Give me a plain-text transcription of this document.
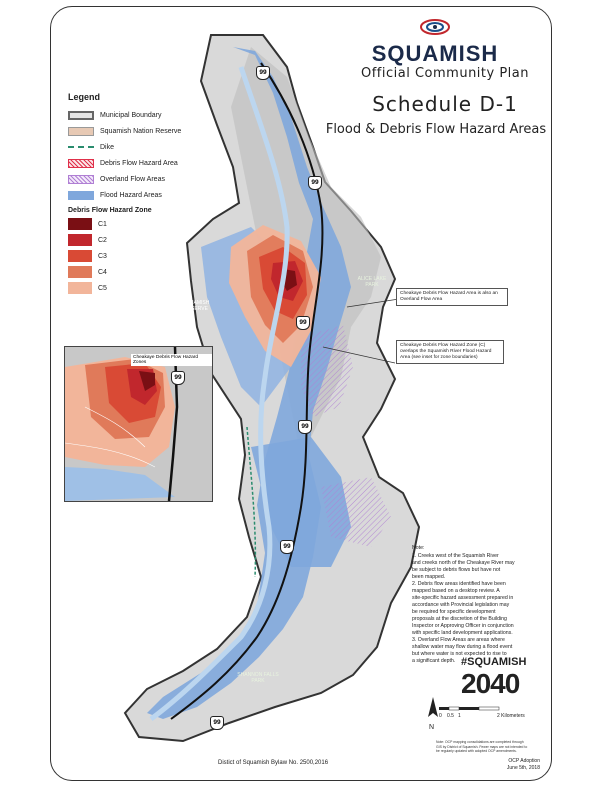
N
SQUAMISH
Official Community Plan
Schedule D-1
Flood & Debris Flow Hazard Areas
Legend
Municipal Boundary
Squamish Nation Reserve
Dike
Debris Flow Hazard Area
Overland Flow Areas
Flood Hazard Areas
Debris Flow Hazard Zone
C1
C2
C3
C4
C5
Cheakaye Debris Flow Hazard Zones
99
99
99
99
99
99
99
SQUAMISH RESERVE
ALICE LAKE PARK
SHANNON FALLS PARK
Cheakaye Debris Flow Hazard Area is also an Overland Flow Area
Cheakaye Debris Flow Hazard Zone (C) overlaps the Squamish River Flood Hazard Area (see inset for zone boundaries)
Note:
1. Creeks west of the Squamish River
and creeks north of the Cheakaye River may
be subject to debris flows but have not
been mapped.
2. Debris flow areas identified have been
mapped based on a desktop review. A
site-specific hazard assessment prepared in
accordance with Provincial legislation may
be required for specific development
proposals at the discretion of the Building
Inspector or Approving Officer in conjunction
with specific land development applications.
3. Overland Flow Areas are areas where
shallow water may flow during a flood event
but where water is not expected to rise to
a significant depth. #SQUAMISH
2040
0 0.5 1	2 Kilometers
Note: OCP mapping consolidations are completed through GIS by District of Squamish. Fewer maps are not intended to be regularly updated with adopted OCP amendments.
Distict of Squamish Bylaw No. 2500,2016	OCP Adoption
June 5th, 2018
